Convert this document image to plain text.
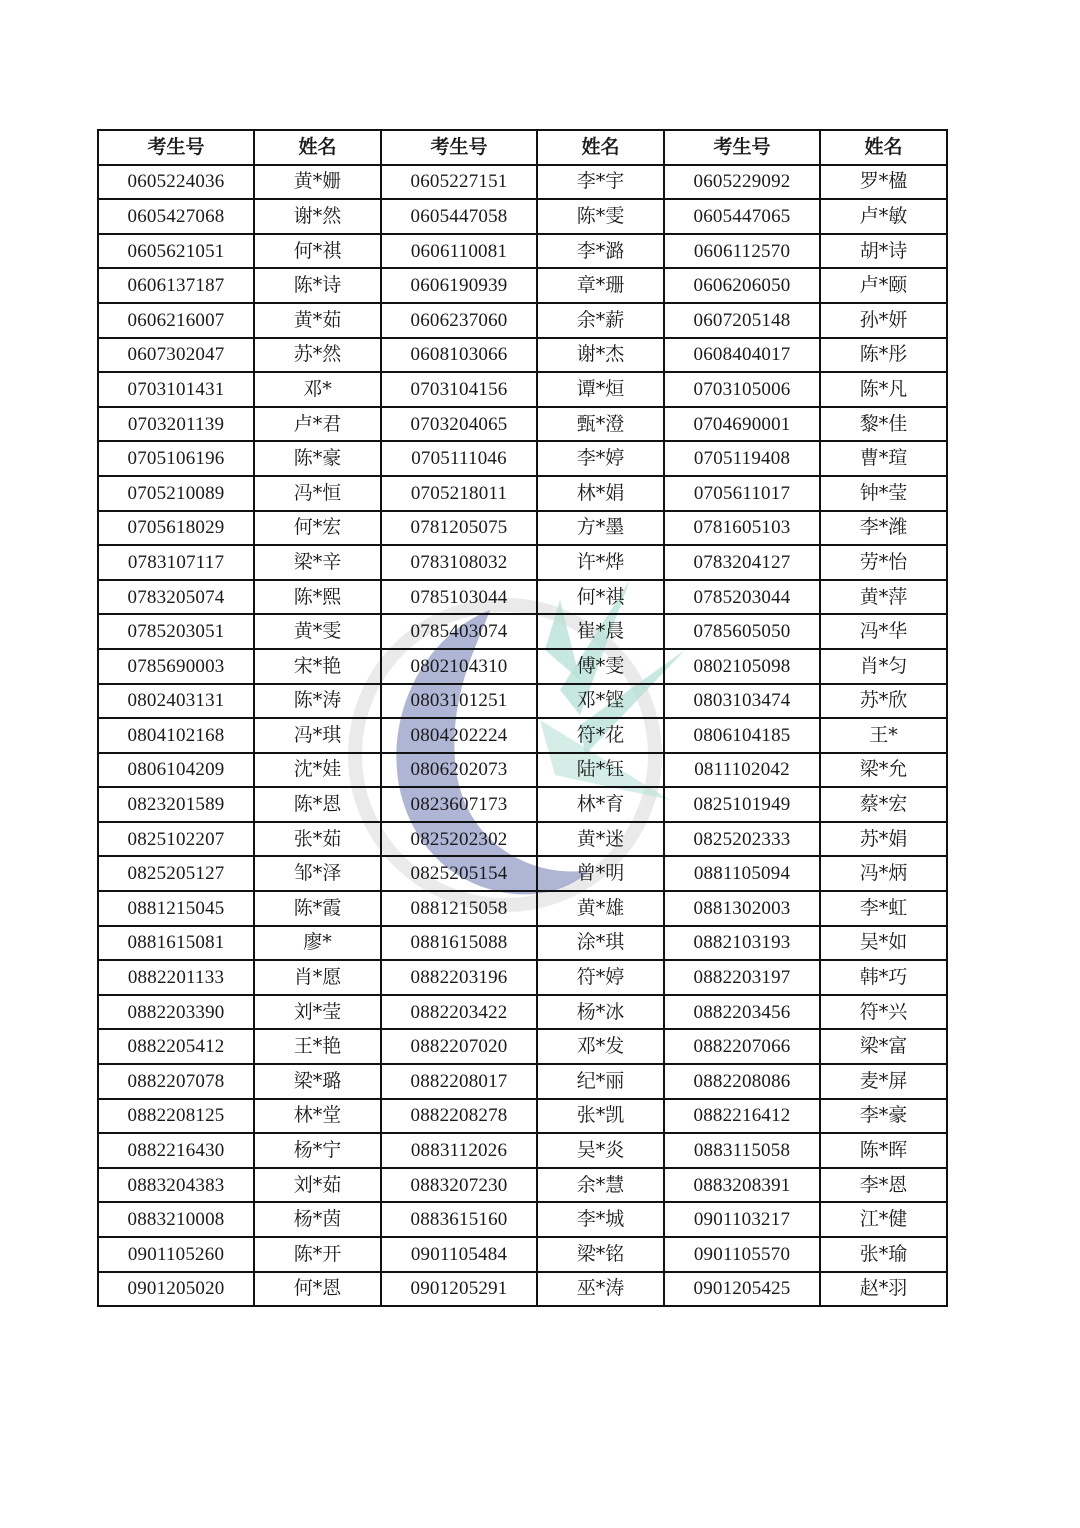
考生号	姓名	考生号	姓名	考生号	姓名
0605224036	黄*姗	0605227151	李*宇	0605229092	罗*楹
0605427068	谢*然	0605447058	陈*雯	0605447065	卢*敏
0605621051	何*祺	0606110081	李*潞	0606112570	胡*诗
0606137187	陈*诗	0606190939	章*珊	0606206050	卢*颐
0606216007	黄*茹	0606237060	余*薪	0607205148	孙*妍
0607302047	苏*然	0608103066	谢*杰	0608404017	陈*彤
0703101431	邓*	0703104156	谭*烜	0703105006	陈*凡
0703201139	卢*君	0703204065	甄*澄	0704690001	黎*佳
0705106196	陈*豪	0705111046	李*婷	0705119408	曹*瑄
0705210089	冯*恒	0705218011	林*娟	0705611017	钟*莹
0705618029	何*宏	0781205075	方*墨	0781605103	李*潍
0783107117	梁*辛	0783108032	许*烨	0783204127	劳*怡
0783205074	陈*熙	0785103044	何*祺	0785203044	黄*萍
0785203051	黄*雯	0785403074	崔*晨	0785605050	冯*华
0785690003	宋*艳	0802104310	傅*雯	0802105098	肖*匀
0802403131	陈*涛	0803101251	邓*铿	0803103474	苏*欣
0804102168	冯*琪	0804202224	符*花	0806104185	王*
0806104209	沈*娃	0806202073	陆*钰	0811102042	梁*允
0823201589	陈*恩	0823607173	林*育	0825101949	蔡*宏
0825102207	张*茹	0825202302	黄*迷	0825202333	苏*娟
0825205127	邹*泽	0825205154	曾*明	0881105094	冯*炳
0881215045	陈*霞	0881215058	黄*雄	0881302003	李*虹
0881615081	廖*	0881615088	涂*琪	0882103193	吴*如
0882201133	肖*愿	0882203196	符*婷	0882203197	韩*巧
0882203390	刘*莹	0882203422	杨*冰	0882203456	符*兴
0882205412	王*艳	0882207020	邓*发	0882207066	梁*富
0882207078	梁*璐	0882208017	纪*丽	0882208086	麦*屏
0882208125	林*堂	0882208278	张*凯	0882216412	李*豪
0882216430	杨*宁	0883112026	吴*炎	0883115058	陈*晖
0883204383	刘*茹	0883207230	余*慧	0883208391	李*恩
0883210008	杨*茵	0883615160	李*城	0901103217	江*健
0901105260	陈*开	0901105484	梁*铭	0901105570	张*瑜
0901205020	何*恩	0901205291	巫*涛	0901205425	赵*羽
